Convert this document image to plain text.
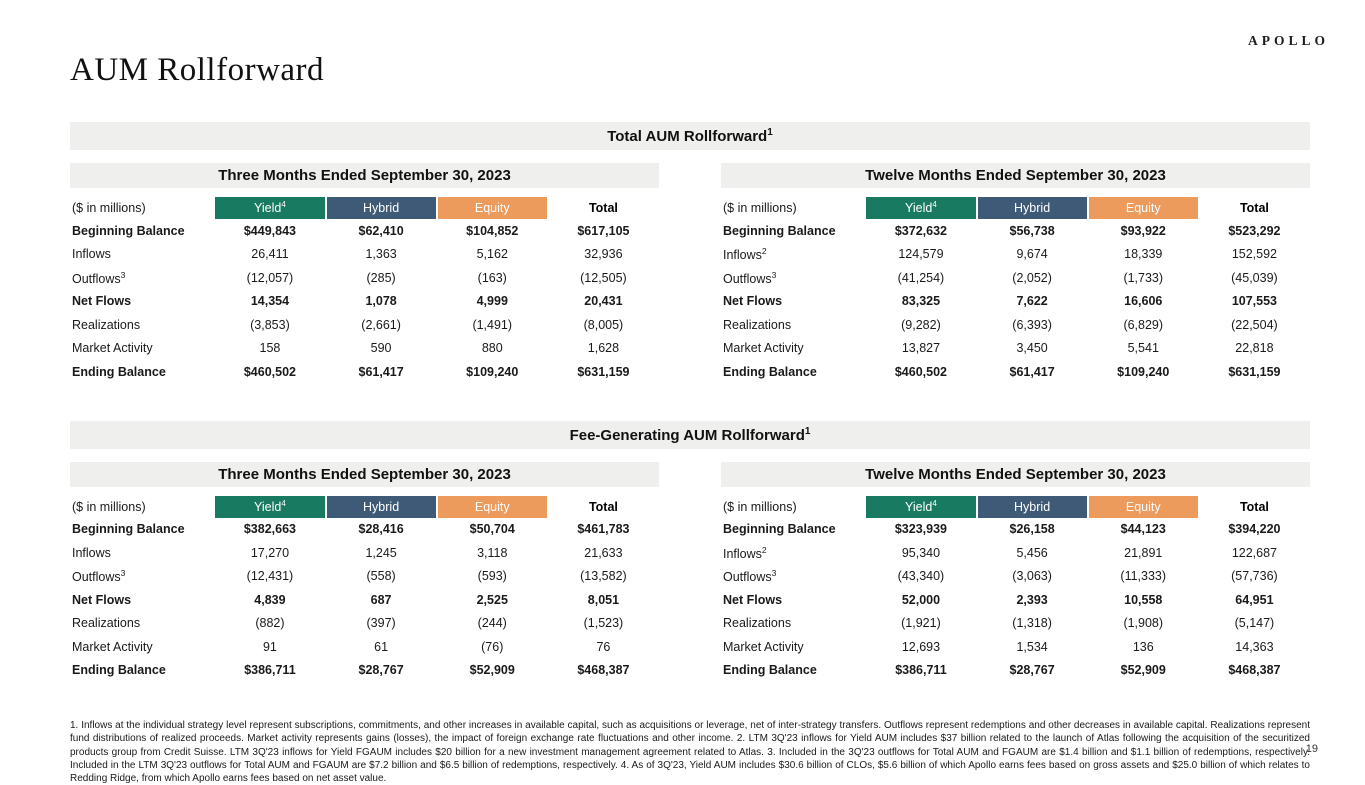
APOLLO
AUM Rollforward
Total AUM Rollforward$^1$
Three Months Ended September 30, 2023
($ in millions)	Yield$^4$	Hybrid	Equity	Total
Beginning Balance	$449,843	$62,410	$104,852	$617,105
Inflows	26,411	1,363	5,162	32,936
Outflows$^3$	(12,057)	(285)	(163)	(12,505)
Net Flows	14,354	1,078	4,999	20,431
Realizations	(3,853)	(2,661)	(1,491)	(8,005)
Market Activity	158	590	880	1,628
Ending Balance	$460,502	$61,417	$109,240	$631,159
Twelve Months Ended September 30, 2023
($ in millions)	Yield$^4$	Hybrid	Equity	Total
Beginning Balance	$372,632	$56,738	$93,922	$523,292
Inflows$^2$	124,579	9,674	18,339	152,592
Outflows$^3$	(41,254)	(2,052)	(1,733)	(45,039)
Net Flows	83,325	7,622	16,606	107,553
Realizations	(9,282)	(6,393)	(6,829)	(22,504)
Market Activity	13,827	3,450	5,541	22,818
Ending Balance	$460,502	$61,417	$109,240	$631,159
Fee-Generating AUM Rollforward$^1$
Three Months Ended September 30, 2023
($ in millions)	Yield$^4$	Hybrid	Equity	Total
Beginning Balance	$382,663	$28,416	$50,704	$461,783
Inflows	17,270	1,245	3,118	21,633
Outflows$^3$	(12,431)	(558)	(593)	(13,582)
Net Flows	4,839	687	2,525	8,051
Realizations	(882)	(397)	(244)	(1,523)
Market Activity	91	61	(76)	76
Ending Balance	$386,711	$28,767	$52,909	$468,387
Twelve Months Ended September 30, 2023
($ in millions)	Yield$^4$	Hybrid	Equity	Total
Beginning Balance	$323,939	$26,158	$44,123	$394,220
Inflows$^2$	95,340	5,456	21,891	122,687
Outflows$^3$	(43,340)	(3,063)	(11,333)	(57,736)
Net Flows	52,000	2,393	10,558	64,951
Realizations	(1,921)	(1,318)	(1,908)	(5,147)
Market Activity	12,693	1,534	136	14,363
Ending Balance	$386,711	$28,767	$52,909	$468,387

1. Inflows at the individual strategy level represent subscriptions, commitments, and other increases in available capital, such as acquisitions or leverage, net of inter-strategy transfers. Outflows represent redemptions and other decreases in available capital. Realizations represent fund distributions of realized proceeds. Market activity represents gains (losses), the impact of foreign exchange rate fluctuations and other income. 2. LTM 3Q'23 inflows for Yield AUM includes $37 billion related to the launch of Atlas following the acquisition of the securitized products group from Credit Suisse. LTM 3Q'23 inflows for Yield FGAUM includes $20 billion for a new investment management agreement related to Atlas. 3. Included in the 3Q'23 outflows for Total AUM and FGAUM are $1.4 billion and $1.1 billion of redemptions, respectively. Included in the LTM 3Q'23 outflows for Total AUM and FGAUM are $7.2 billion and $6.5 billion of redemptions, respectively. 4. As of 3Q'23, Yield AUM includes $30.6 billion of CLOs, $5.6 billion of which Apollo earns fees based on gross assets and $25.0 billion of which relates to Redding Ridge, from which Apollo earns fees based on net asset value.

19
